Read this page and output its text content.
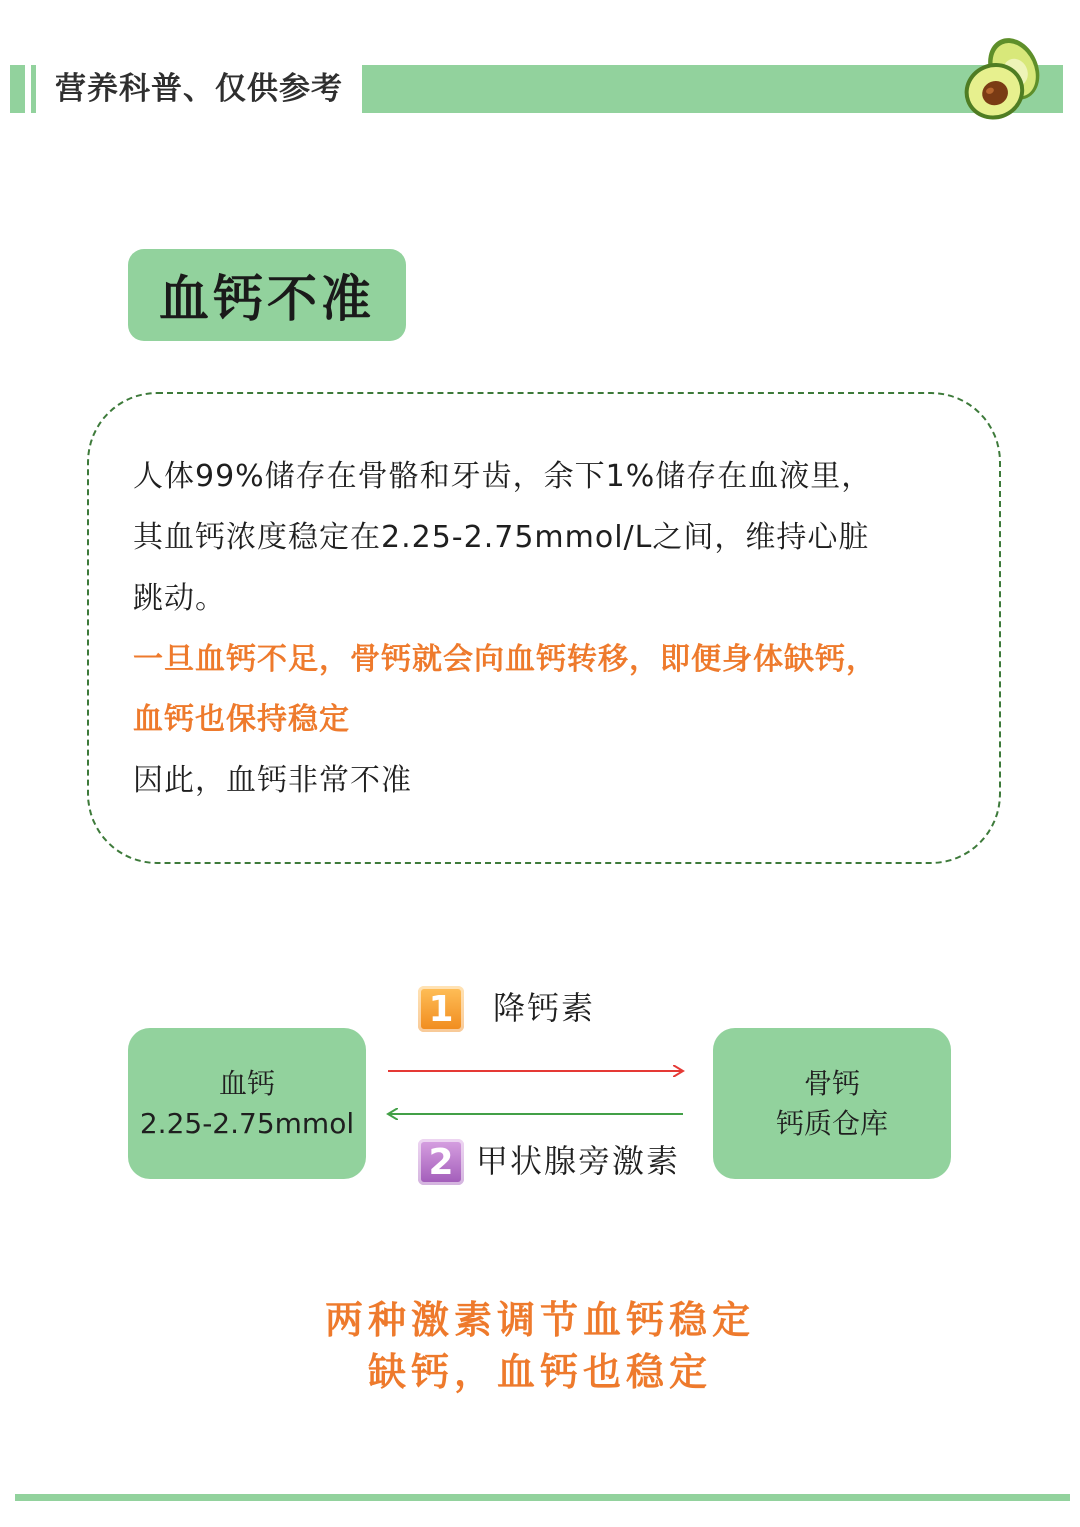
营养科普、仅供参考
血钙不准
人体99%储存在骨骼和牙齿，余下1%储存在血液里，
其血钙浓度稳定在2.25-2.75mmol/L之间，维持心脏
跳动。
一旦血钙不足，骨钙就会向血钙转移，即便身体缺钙，
血钙也保持稳定
因此，血钙非常不准
血钙
2.25-2.75mmol
骨钙
钙质仓库
1	降钙素
2 甲状腺旁激素
两种激素调节血钙稳定
缺钙，血钙也稳定
